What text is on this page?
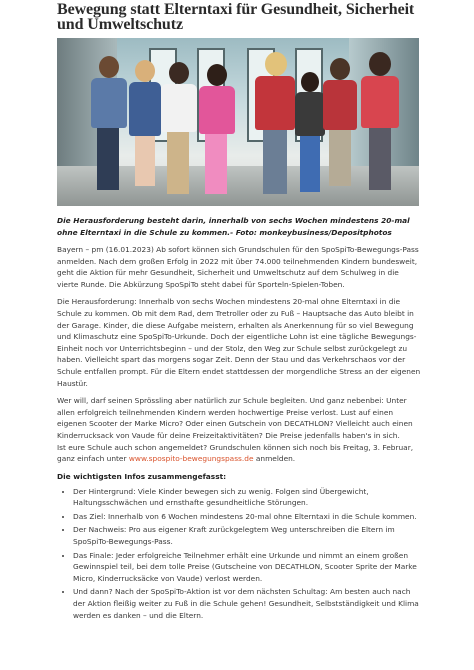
Bewegung statt Elterntaxi für Gesundheit, Sicherheit und Umweltschutz
Die Herausforderung besteht darin, innerhalb von sechs Wochen mindestens 20-mal ohne Elterntaxi in die Schule zu kommen.- Foto: monkeybusiness/Depositphotos

Bayern – pm (16.01.2023) Ab sofort können sich Grundschulen für den SpoSpiTo-Bewegungs-Pass anmelden. Nach dem großen Erfolg in 2022 mit über 74.000 teilnehmenden Kindern bundesweit, geht die Aktion für mehr Gesundheit, Sicherheit und Umweltschutz auf dem Schulweg in die vierte Runde. Die Abkürzung SpoSpiTo steht dabei für Sporteln-Spielen-Toben.

Die Herausforderung: Innerhalb von sechs Wochen mindestens 20-mal ohne Elterntaxi in die Schule zu kommen. Ob mit dem Rad, dem Tretroller oder zu Fuß – Hauptsache das Auto bleibt in der Garage. Kinder, die diese Aufgabe meistern, erhalten als Anerkennung für so viel Bewegung und Klimaschutz eine SpoSpiTo-Urkunde. Doch der eigentliche Lohn ist eine tägliche Bewegungs-Einheit noch vor Unterrichtsbeginn – und der Stolz, den Weg zur Schule selbst zurückgelegt zu haben. Vielleicht spart das morgens sogar Zeit. Denn der Stau und das Verkehrschaos vor der Schule entfallen prompt. Für die Eltern endet stattdessen der morgendliche Stress an der eigenen Haustür.

Wer will, darf seinen Sprössling aber natürlich zur Schule begleiten. Und ganz nebenbei: Unter allen erfolgreich teilnehmenden Kindern werden hochwertige Preise verlost. Lust auf einen eigenen Scooter der Marke Micro? Oder einen Gutschein von DECATHLON? Vielleicht auch einen Kinderrucksack von Vaude für deine Freizeitaktivitäten? Die Preise jedenfalls haben's in sich.

Ist eure Schule auch schon angemeldet? Grundschulen können sich noch bis Freitag, 3. Februar, ganz einfach unter www.spospito-bewegungspass.de anmelden.

Die wichtigsten Infos zusammengefasst:
• Der Hintergrund: Viele Kinder bewegen sich zu wenig. Folgen sind Übergewicht, Haltungsschwächen und ernsthafte gesundheitliche Störungen.
• Das Ziel: Innerhalb von 6 Wochen mindestens 20-mal ohne Elterntaxi in die Schule kommen.
• Der Nachweis: Pro aus eigener Kraft zurückgelegtem Weg unterschreiben die Eltern im SpoSpiTo-Bewegungs-Pass.
• Das Finale: Jeder erfolgreiche Teilnehmer erhält eine Urkunde und nimmt an einem großen Gewinnspiel teil, bei dem tolle Preise (Gutscheine von DECATHLON, Scooter Sprite der Marke Micro, Kinderrucksäcke von Vaude) verlost werden.
• Und dann? Nach der SpoSpiTo-Aktion ist vor dem nächsten Schultag: Am besten auch nach der Aktion fleißig weiter zu Fuß in die Schule gehen! Gesundheit, Selbstständigkeit und Klima werden es danken – und die Eltern.
